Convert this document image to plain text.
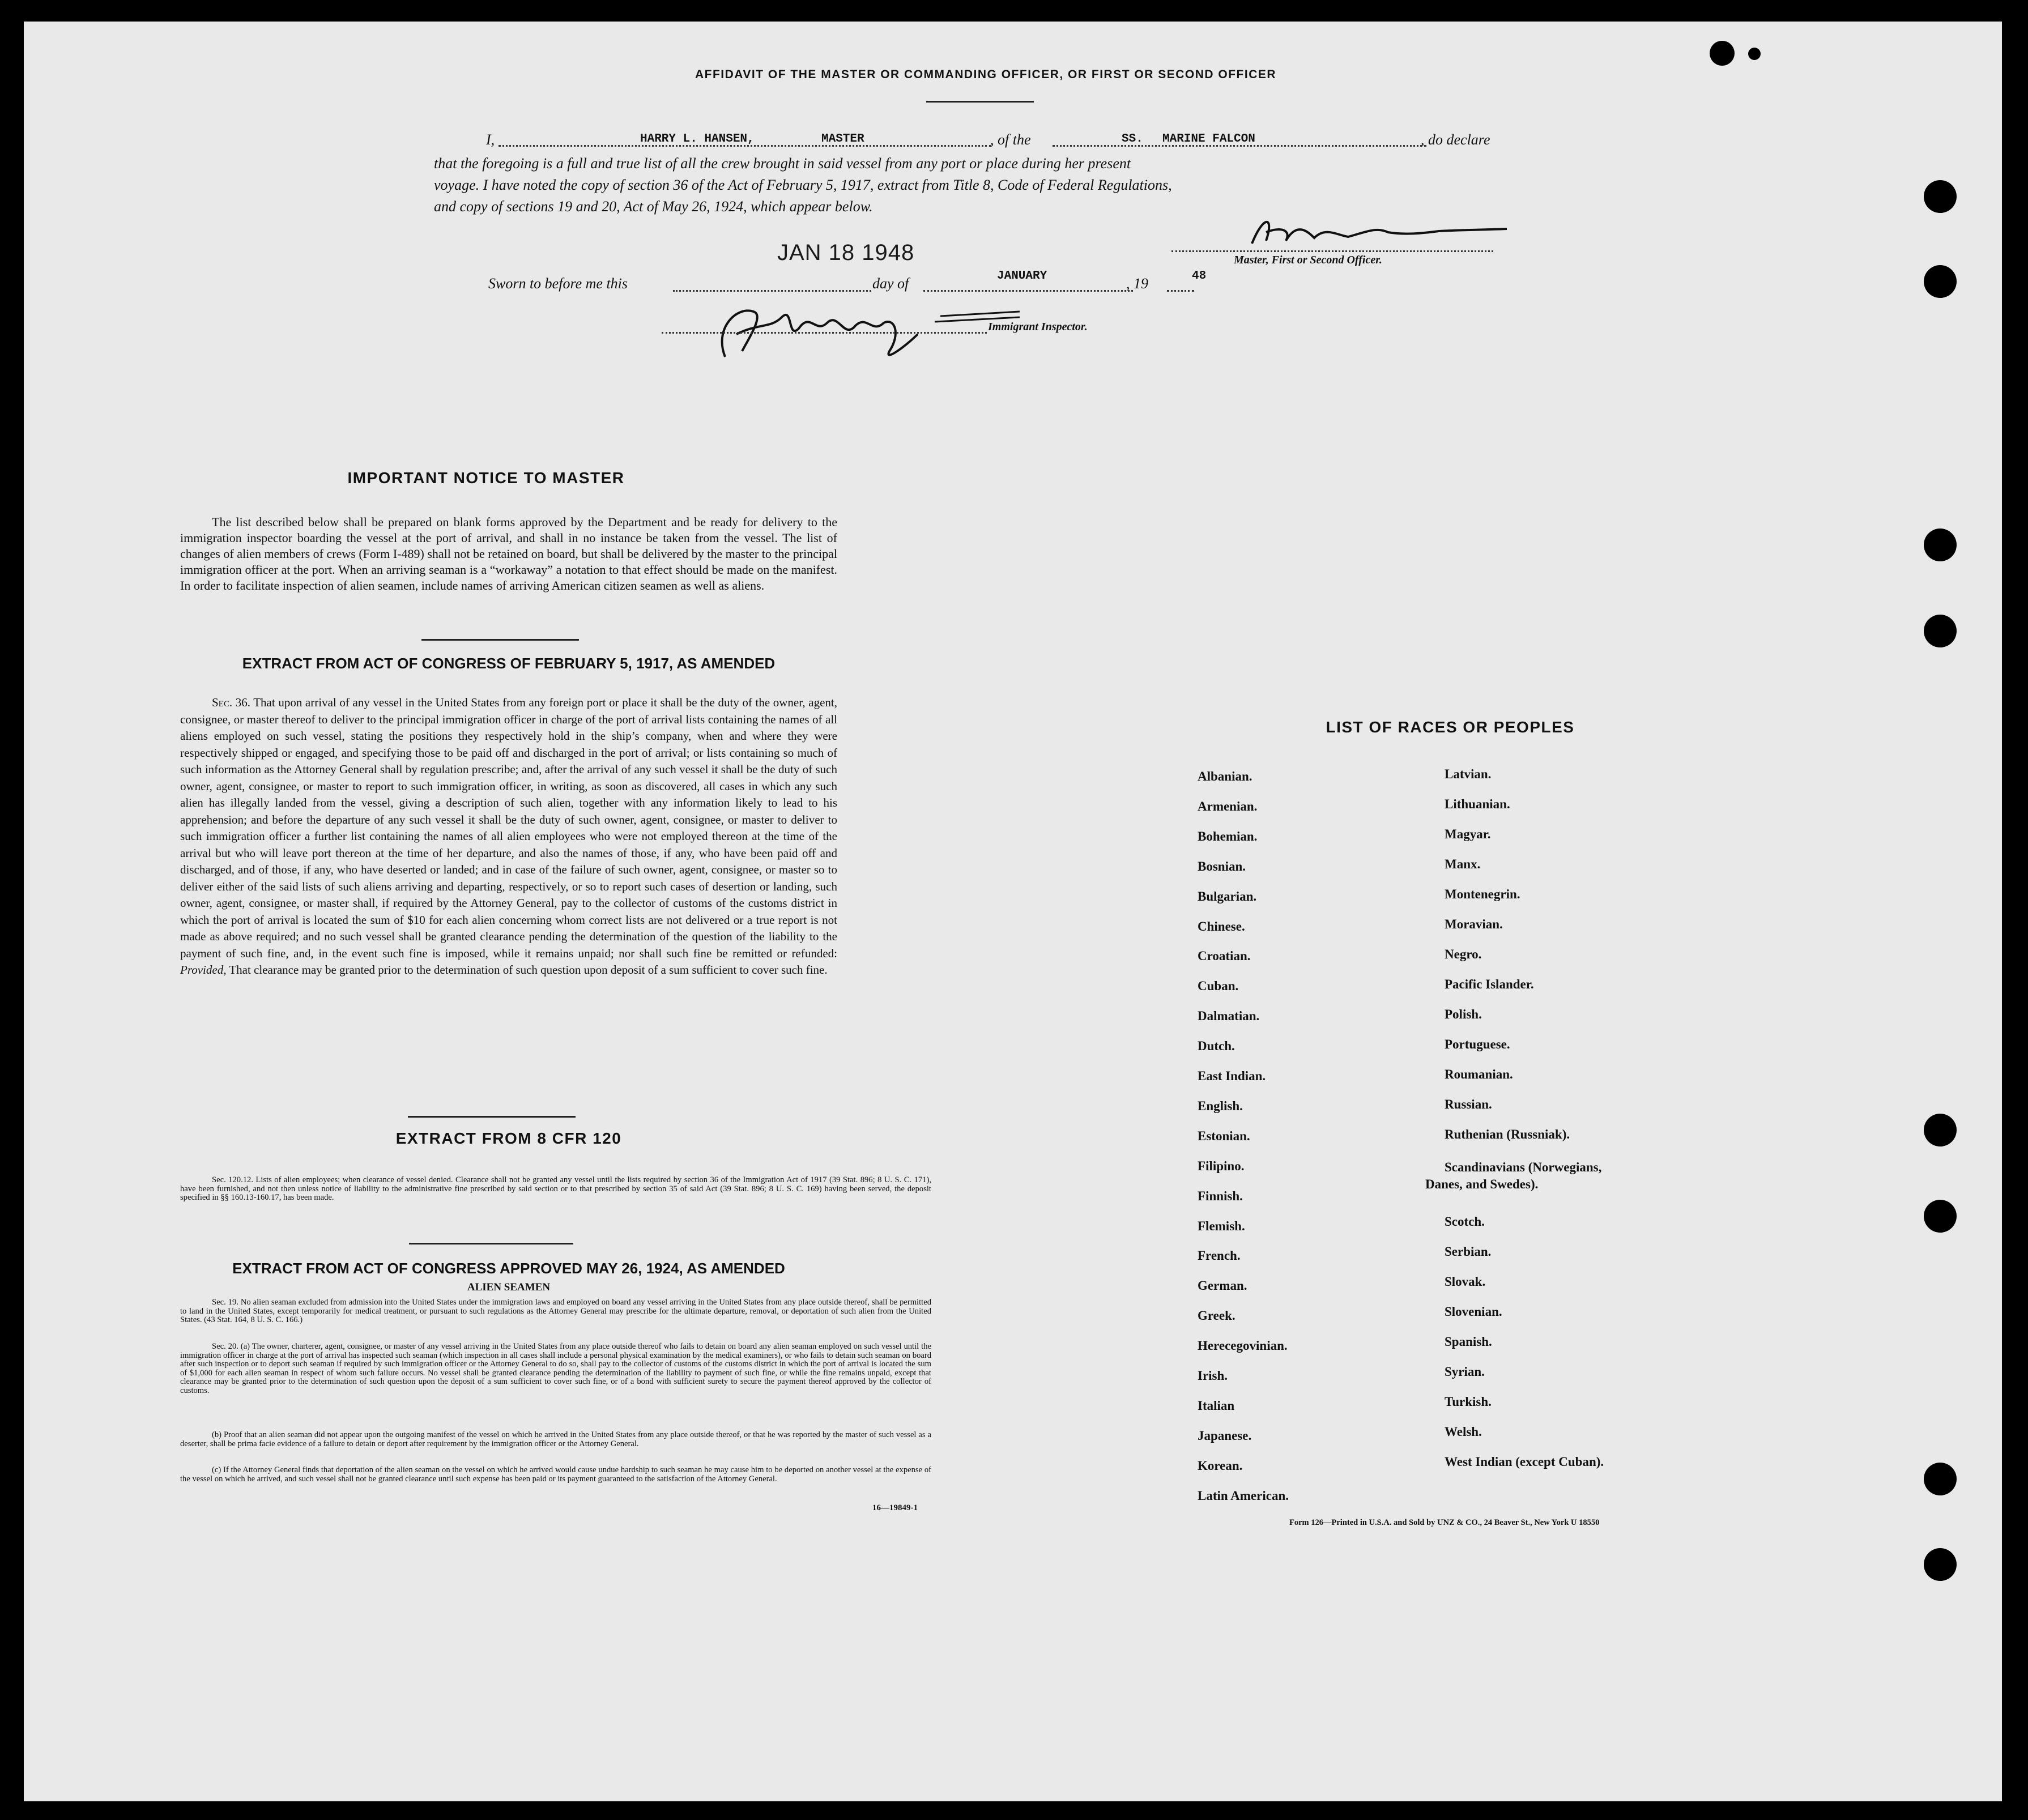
AFFIDAVIT OF THE MASTER OR COMMANDING OFFICER, OR FIRST OR SECOND OFFICER
I,	HARRY L. HANSEN,	MASTER	, of the	SS. MARINE FALCON	, do declare
that the foregoing is a full and true list of all the crew brought in said vessel from any port or place during her present
voyage. I have noted the copy of section 36 of the Act of February 5, 1917, extract from Title 8, Code of Federal Regulations,
and copy of sections 19 and 20, Act of May 26, 1924, which appear below.
JAN 18 1948	Master, First or Second Officer.
Sworn to before me this	day of	JANUARY	, 19	48
Immigrant Inspector.
IMPORTANT NOTICE TO MASTER
The list described below shall be prepared on blank forms approved by the Department and be ready for delivery to the immigration inspector boarding the vessel at the port of arrival, and shall in no instance be taken from the vessel. The list of changes of alien members of crews (Form I-489) shall not be retained on board, but shall be delivered by the master to the principal immigration officer at the port. When an arriving seaman is a “workaway” a notation to that effect should be made on the manifest. In order to facilitate inspection of alien seamen, include names of arriving American citizen seamen as well as aliens.
EXTRACT FROM ACT OF CONGRESS OF FEBRUARY 5, 1917, AS AMENDED
Sec. 36. That upon arrival of any vessel in the United States from any foreign port or place it shall be the duty of the owner, agent, consignee, or master thereof to deliver to the principal immigration officer in charge of the port of arrival lists containing the names of all aliens employed on such vessel, stating the positions they respectively hold in the ship’s company, when and where they were respectively shipped or engaged, and specifying those to be paid off and discharged in the port of arrival; or lists containing so much of such information as the Attorney General shall by regulation prescribe; and, after the arrival of any such vessel it shall be the duty of such owner, agent, consignee, or master to report to such immigration officer, in writing, as soon as discovered, all cases in which any such alien has illegally landed from the vessel, giving a description of such alien, together with any information likely to lead to his apprehension; and before the departure of any such vessel it shall be the duty of such owner, agent, consignee, or master to deliver to such immigration officer a further list containing the names of all alien employees who were not employed thereon at the time of the arrival but who will leave port thereon at the time of her departure, and also the names of those, if any, who have been paid off and discharged, and of those, if any, who have deserted or landed; and in case of the failure of such owner, agent, consignee, or master so to deliver either of the said lists of such aliens arriving and departing, respectively, or so to report such cases of desertion or landing, such owner, agent, consignee, or master shall, if required by the Attorney General, pay to the collector of customs of the customs district in which the port of arrival is located the sum of $10 for each alien concerning whom correct lists are not delivered or a true report is not made as above required; and no such vessel shall be granted clearance pending the determination of the question of the liability to the payment of such fine, and, in the event such fine is imposed, while it remains unpaid; nor shall such fine be remitted or refunded: Provided, That clearance may be granted prior to the determination of such question upon deposit of a sum sufficient to cover such fine.
EXTRACT FROM 8 CFR 120
Sec. 120.12. Lists of alien employees; when clearance of vessel denied. Clearance shall not be granted any vessel until the lists required by section 36 of the Immigration Act of 1917 (39 Stat. 896; 8 U. S. C. 171), have been furnished, and not then unless notice of liability to the administrative fine prescribed by said section or to that prescribed by section 35 of said Act (39 Stat. 896; 8 U. S. C. 169) having been served, the deposit specified in §§ 160.13-160.17, has been made.
EXTRACT FROM ACT OF CONGRESS APPROVED MAY 26, 1924, AS AMENDED
ALIEN SEAMEN
Sec. 19. No alien seaman excluded from admission into the United States under the immigration laws and employed on board any vessel arriving in the United States from any place outside thereof, shall be permitted to land in the United States, except temporarily for medical treatment, or pursuant to such regulations as the Attorney General may prescribe for the ultimate departure, removal, or deportation of such alien from the United States. (43 Stat. 164, 8 U. S. C. 166.)
Sec. 20. (a) The owner, charterer, agent, consignee, or master of any vessel arriving in the United States from any place outside thereof who fails to detain on board any alien seaman employed on such vessel until the immigration officer in charge at the port of arrival has inspected such seaman (which inspection in all cases shall include a personal physical examination by the medical examiners), or who fails to detain such seaman on board after such inspection or to deport such seaman if required by such immigration officer or the Attorney General to do so, shall pay to the collector of customs of the customs district in which the port of arrival is located the sum of $1,000 for each alien seaman in respect of whom such failure occurs. No vessel shall be granted clearance pending the determination of the liability to payment of such fine, or while the fine remains unpaid, except that clearance may be granted prior to the determination of such question upon the deposit of a sum sufficient to cover such fine, or of a bond with sufficient surety to secure the payment thereof approved by the collector of customs.
(b) Proof that an alien seaman did not appear upon the outgoing manifest of the vessel on which he arrived in the United States from any place outside thereof, or that he was reported by the master of such vessel as a deserter, shall be prima facie evidence of a failure to detain or deport after requirement by the immigration officer or the Attorney General.
(c) If the Attorney General finds that deportation of the alien seaman on the vessel on which he arrived would cause undue hardship to such seaman he may cause him to be deported on another vessel at the expense of the vessel on which he arrived, and such vessel shall not be granted clearance until such expense has been paid or its payment guaranteed to the satisfaction of the Attorney General.
16—19849-1
LIST OF RACES OR PEOPLES
Albanian.
Armenian.
Bohemian.
Bosnian.
Bulgarian.
Chinese.
Croatian.
Cuban.
Dalmatian.
Dutch.
East Indian.
English.
Estonian.
Filipino.
Finnish.
Flemish.
French.
German.
Greek.
Herecegovinian.
Irish.
Italian
Japanese.
Korean.
Latin American.
Latvian.
Lithuanian.
Magyar.
Manx.
Montenegrin.
Moravian.
Negro.
Pacific Islander.
Polish.
Portuguese.
Roumanian.
Russian.
Ruthenian (Russniak).
Scandinavians (Norwegians,
Danes, and Swedes).
Scotch.
Serbian.
Slovak.
Slovenian.
Spanish.
Syrian.
Turkish.
Welsh.
West Indian (except Cuban).
Form 126—Printed in U.S.A. and Sold by UNZ & CO., 24 Beaver St., New York U 18550
